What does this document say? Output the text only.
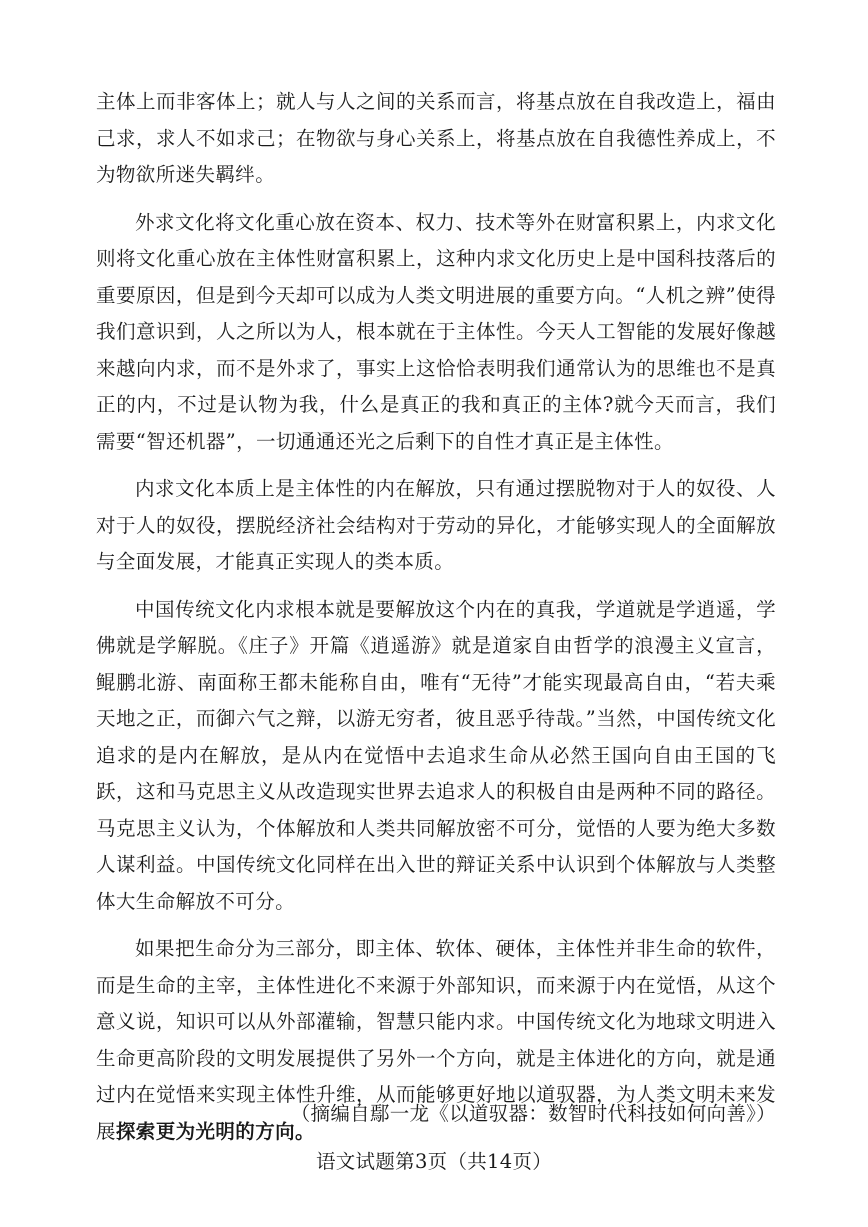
主体上而非客体上；就人与人之间的关系而言，将基点放在自我改造上，福由己求，求人不如求己；在物欲与身心关系上，将基点放在自我德性养成上，不为物欲所迷失羁绊。

外求文化将文化重心放在资本、权力、技术等外在财富积累上，内求文化则将文化重心放在主体性财富积累上，这种内求文化历史上是中国科技落后的重要原因，但是到今天却可以成为人类文明进展的重要方向。“人机之辨”使得我们意识到，人之所以为人，根本就在于主体性。今天人工智能的发展好像越来越向内求，而不是外求了，事实上这恰恰表明我们通常认为的思维也不是真正的内，不过是认物为我，什么是真正的我和真正的主体?就今天而言，我们需要“智还机器”，一切通通还光之后剩下的自性才真正是主体性。

内求文化本质上是主体性的内在解放，只有通过摆脱物对于人的奴役、人对于人的奴役，摆脱经济社会结构对于劳动的异化，才能够实现人的全面解放与全面发展，才能真正实现人的类本质。

中国传统文化内求根本就是要解放这个内在的真我，学道就是学逍遥，学佛就是学解脱。《庄子》开篇《逍遥游》就是道家自由哲学的浪漫主义宣言，鲲鹏北游、南面称王都未能称自由，唯有“无待”才能实现最高自由，“若夫乘天地之正，而御六气之辩，以游无穷者，彼且恶乎待哉。”当然，中国传统文化追求的是内在解放，是从内在觉悟中去追求生命从必然王国向自由王国的飞跃，这和马克思主义从改造现实世界去追求人的积极自由是两种不同的路径。马克思主义认为，个体解放和人类共同解放密不可分，觉悟的人要为绝大多数人谋利益。中国传统文化同样在出入世的辩证关系中认识到个体解放与人类整体大生命解放不可分。

如果把生命分为三部分，即主体、软体、硬体，主体性并非生命的软件，而是生命的主宰，主体性进化不来源于外部知识，而来源于内在觉悟，从这个意义说，知识可以从外部灌输，智慧只能内求。中国传统文化为地球文明进入生命更高阶段的文明发展提供了另外一个方向，就是主体进化的方向，就是通过内在觉悟来实现主体性升维，从而能够更好地以道驭器，为人类文明未来发展探索更为光明的方向。

（摘编自鄢一龙《以道驭器：数智时代科技如何向善》）
语文试题第3页（共14页）
